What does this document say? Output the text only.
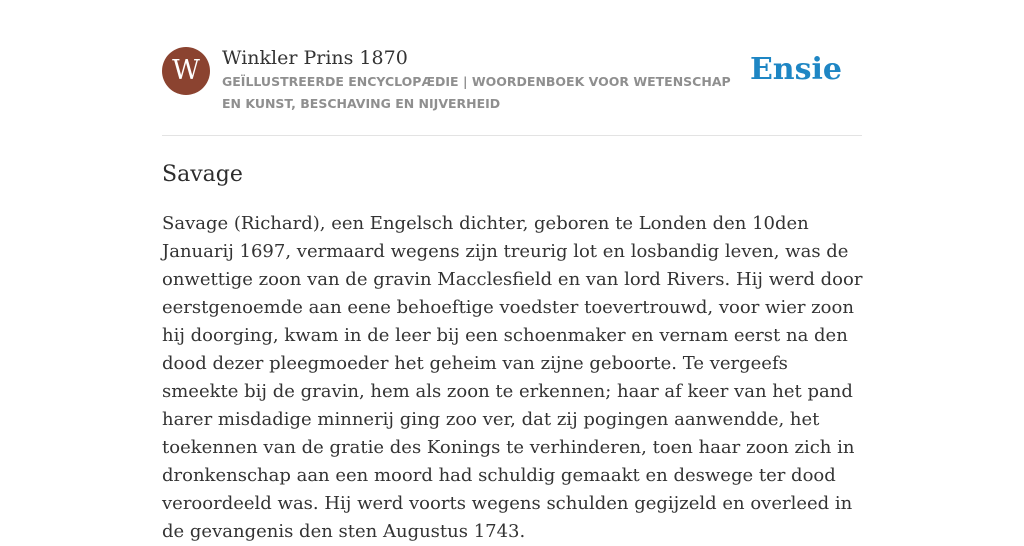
W	Winkler Prins 1870
GEÏLLUSTREERDE ENCYCLOPÆDIE | WOORDENBOEK VOOR WETENSCHAP EN KUNST, BESCHAVING EN NIJVERHEID
Ensie
Savage

Savage (Richard), een Engelsch dichter, geboren te Londen den 10den Januarij 1697, vermaard wegens zijn treurig lot en losbandig leven, was de onwettige zoon van de gravin Macclesfield en van lord Rivers. Hij werd door eerstgenoemde aan eene behoeftige voedster toevertrouwd, voor wier zoon hij doorging, kwam in de leer bij een schoenmaker en vernam eerst na den dood dezer pleegmoeder het geheim van zijne geboorte. Te vergeefs smeekte bij de gravin, hem als zoon te erkennen; haar af keer van het pand harer misdadige minnerij ging zoo ver, dat zij pogingen aanwendde, het toekennen van de gratie des Konings te verhinderen, toen haar zoon zich in dronkenschap aan een moord had schuldig gemaakt en deswege ter dood veroordeeld was. Hij werd voorts wegens schulden gegijzeld en overleed in de gevangenis den sten Augustus 1743.
